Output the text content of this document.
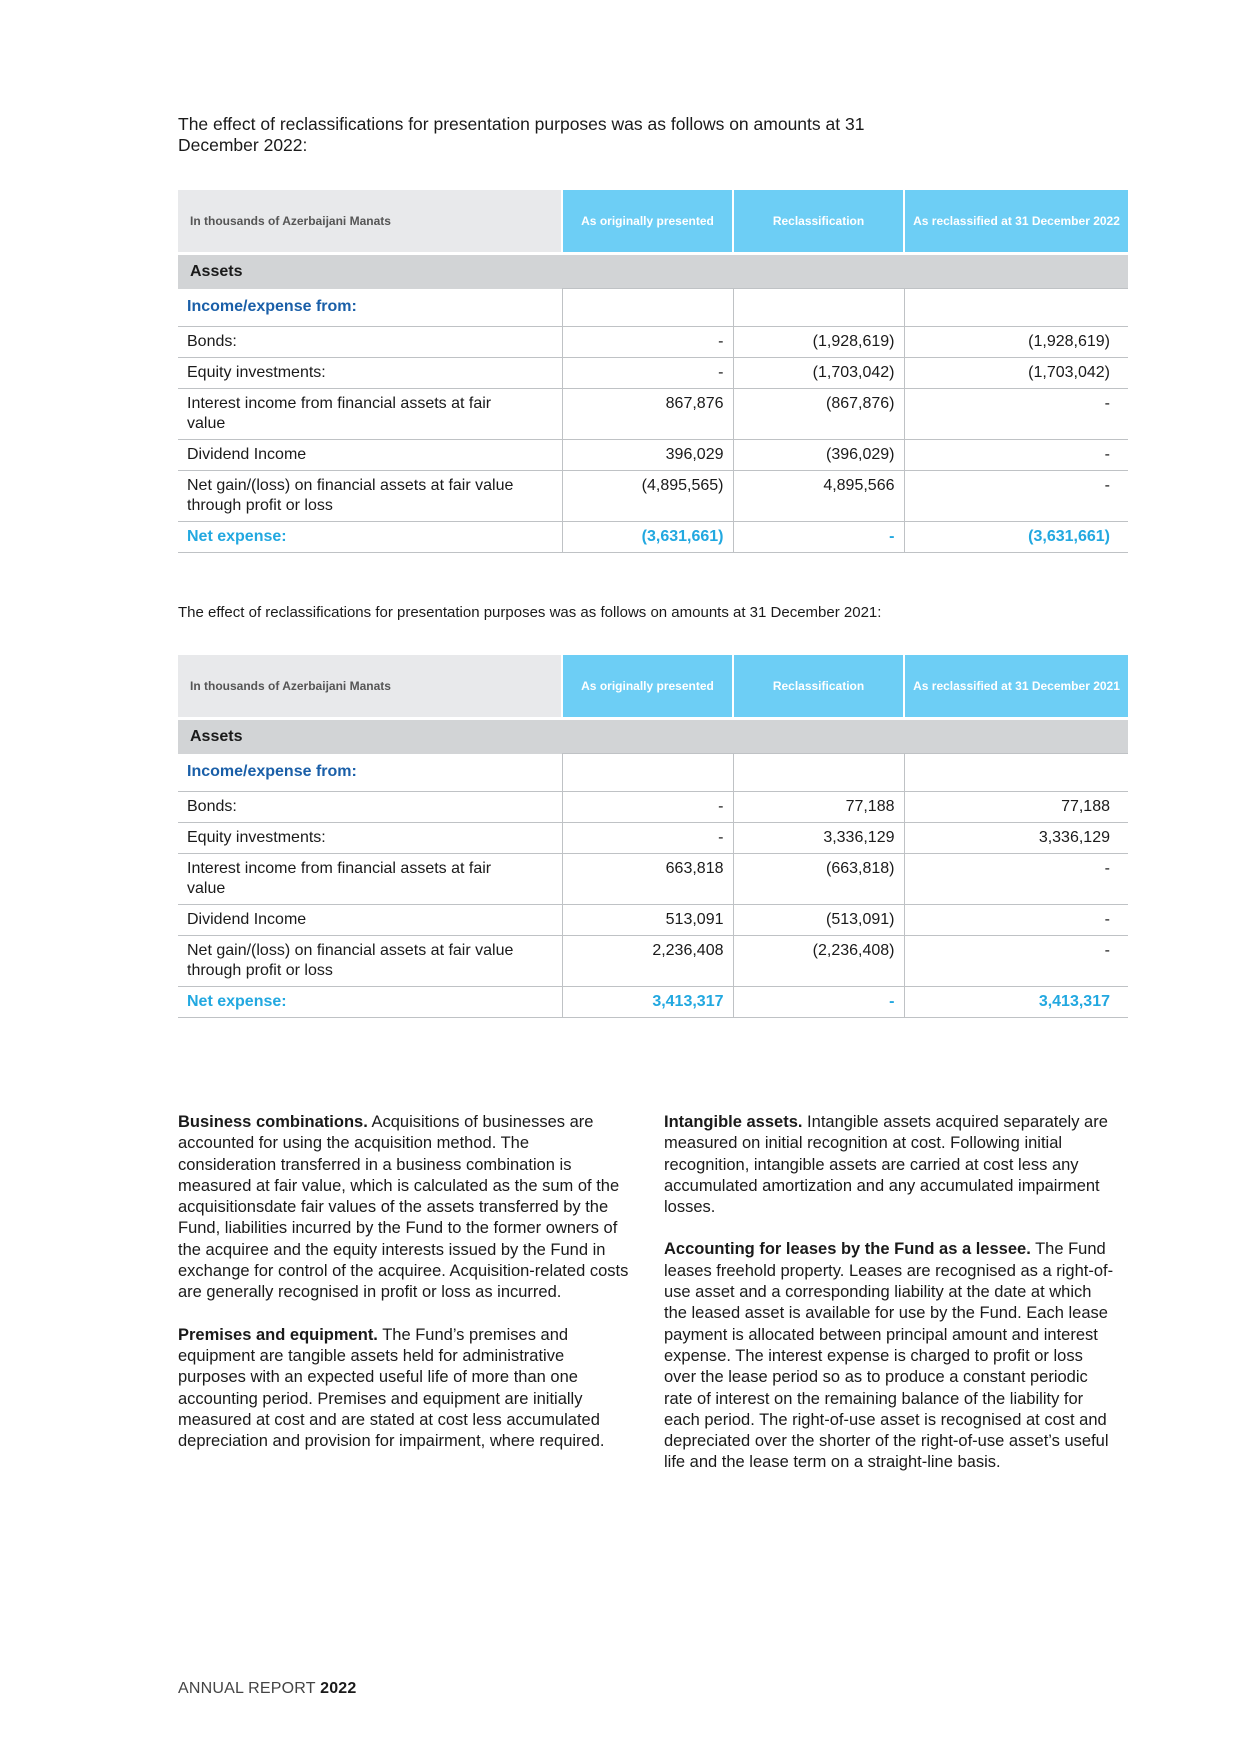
The effect of reclassifications for presentation purposes was as follows on amounts at 31 December 2022:

In thousands of Azerbaijani Manats	As originally presented	Reclassification	As reclassified at 31 December 2022

Assets			
Income/expense from:			
Bonds:	-	(1,928,619)	(1,928,619)
Equity investments:	-	(1,703,042)	(1,703,042)
Interest income from financial assets at fair value	867,876	(867,876)	-
Dividend Income	396,029	(396,029)	-
Net gain/(loss) on financial assets at fair value through profit or loss	(4,895,565)	4,895,566	-
Net expense:	(3,631,661)	-	(3,631,661)

The effect of reclassifications for presentation purposes was as follows on amounts at 31 December 2021:

In thousands of Azerbaijani Manats	As originally presented	Reclassification	As reclassified at 31 December 2021

Assets			
Income/expense from:			
Bonds:	-	77,188	77,188
Equity investments:	-	3,336,129	3,336,129
Interest income from financial assets at fair value	663,818	(663,818)	-
Dividend Income	513,091	(513,091)	-
Net gain/(loss) on financial assets at fair value through profit or loss	2,236,408	(2,236,408)	-
Net expense:	3,413,317	-	3,413,317

Business combinations. Acquisitions of businesses are accounted for using the acquisition method. The consideration transferred in a business combination is measured at fair value, which is calculated as the sum of the acquisitionsdate fair values of the assets transferred by the Fund, liabilities incurred by the Fund to the former owners of the acquiree and the equity interests issued by the Fund in exchange for control of the acquiree. Acquisition-related costs are generally recognised in profit or loss as incurred.

Premises and equipment. The Fund’s premises and equipment are tangible assets held for administrative purposes with an expected useful life of more than one accounting period. Premises and equipment are initially measured at cost and are stated at cost less accumulated depreciation and provision for impairment, where required.

Intangible assets. Intangible assets acquired separately are measured on initial recognition at cost. Following initial recognition, intangible assets are carried at cost less any accumulated amortization and any accumulated impairment losses.

Accounting for leases by the Fund as a lessee. The Fund leases freehold property. Leases are recognised as a right-of-use asset and a corresponding liability at the date at which the leased asset is available for use by the Fund. Each lease payment is allocated between principal amount and interest expense. The interest expense is charged to profit or loss over the lease period so as to produce a constant periodic rate of interest on the remaining balance of the liability for each period. The right-of-use asset is recognised at cost and depreciated over the shorter of the right-of-use asset’s useful life and the lease term on a straight-line basis.

ANNUAL REPORT 2022
